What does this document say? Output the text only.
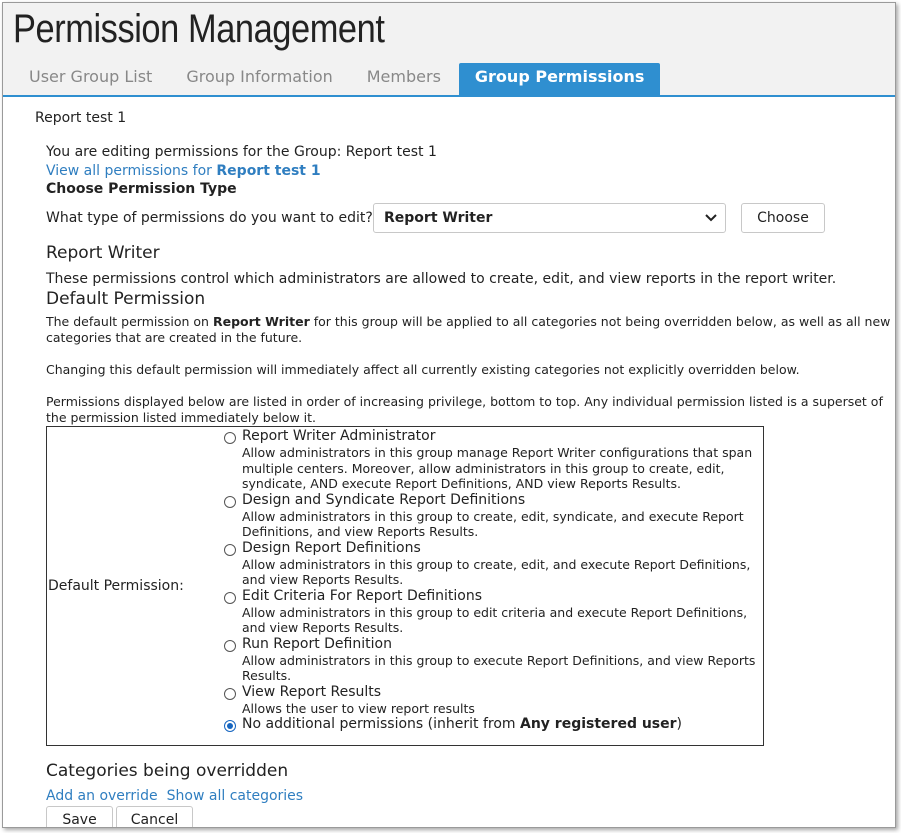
Permission Management
User Group List	Group Information	Members	Group Permissions
Report test 1
You are editing permissions for the Group: Report test 1
View all permissions for Report test 1
Choose Permission Type
What type of permissions do you want to edit? Report Writer	Choose
Report Writer
These permissions control which administrators are allowed to create, edit, and view reports in the report writer.
Default Permission
The default permission on Report Writer for this group will be applied to all categories not being overridden below, as well as all new categories that are created in the future.
Changing this default permission will immediately affect all currently existing categories not explicitly overridden below.
Permissions displayed below are listed in order of increasing privilege, bottom to top. Any individual permission listed is a superset of the permission listed immediately below it.
Default Permission:
Report Writer Administrator
Allow administrators in this group manage Report Writer configurations that span multiple centers. Moreover, allow administrators in this group to create, edit, syndicate, AND execute Report Definitions, AND view Reports Results.
Design and Syndicate Report Definitions
Allow administrators in this group to create, edit, syndicate, and execute Report Definitions, and view Reports Results.
Design Report Definitions
Allow administrators in this group to create, edit, and execute Report Definitions, and view Reports Results.
Edit Criteria For Report Definitions
Allow administrators in this group to edit criteria and execute Report Definitions, and view Reports Results.
Run Report Definition
Allow administrators in this group to execute Report Definitions, and view Reports Results.
View Report Results
Allows the user to view report results
No additional permissions (inherit from Any registered user)
Categories being overridden
Add an override Show all categories
Save	Cancel
